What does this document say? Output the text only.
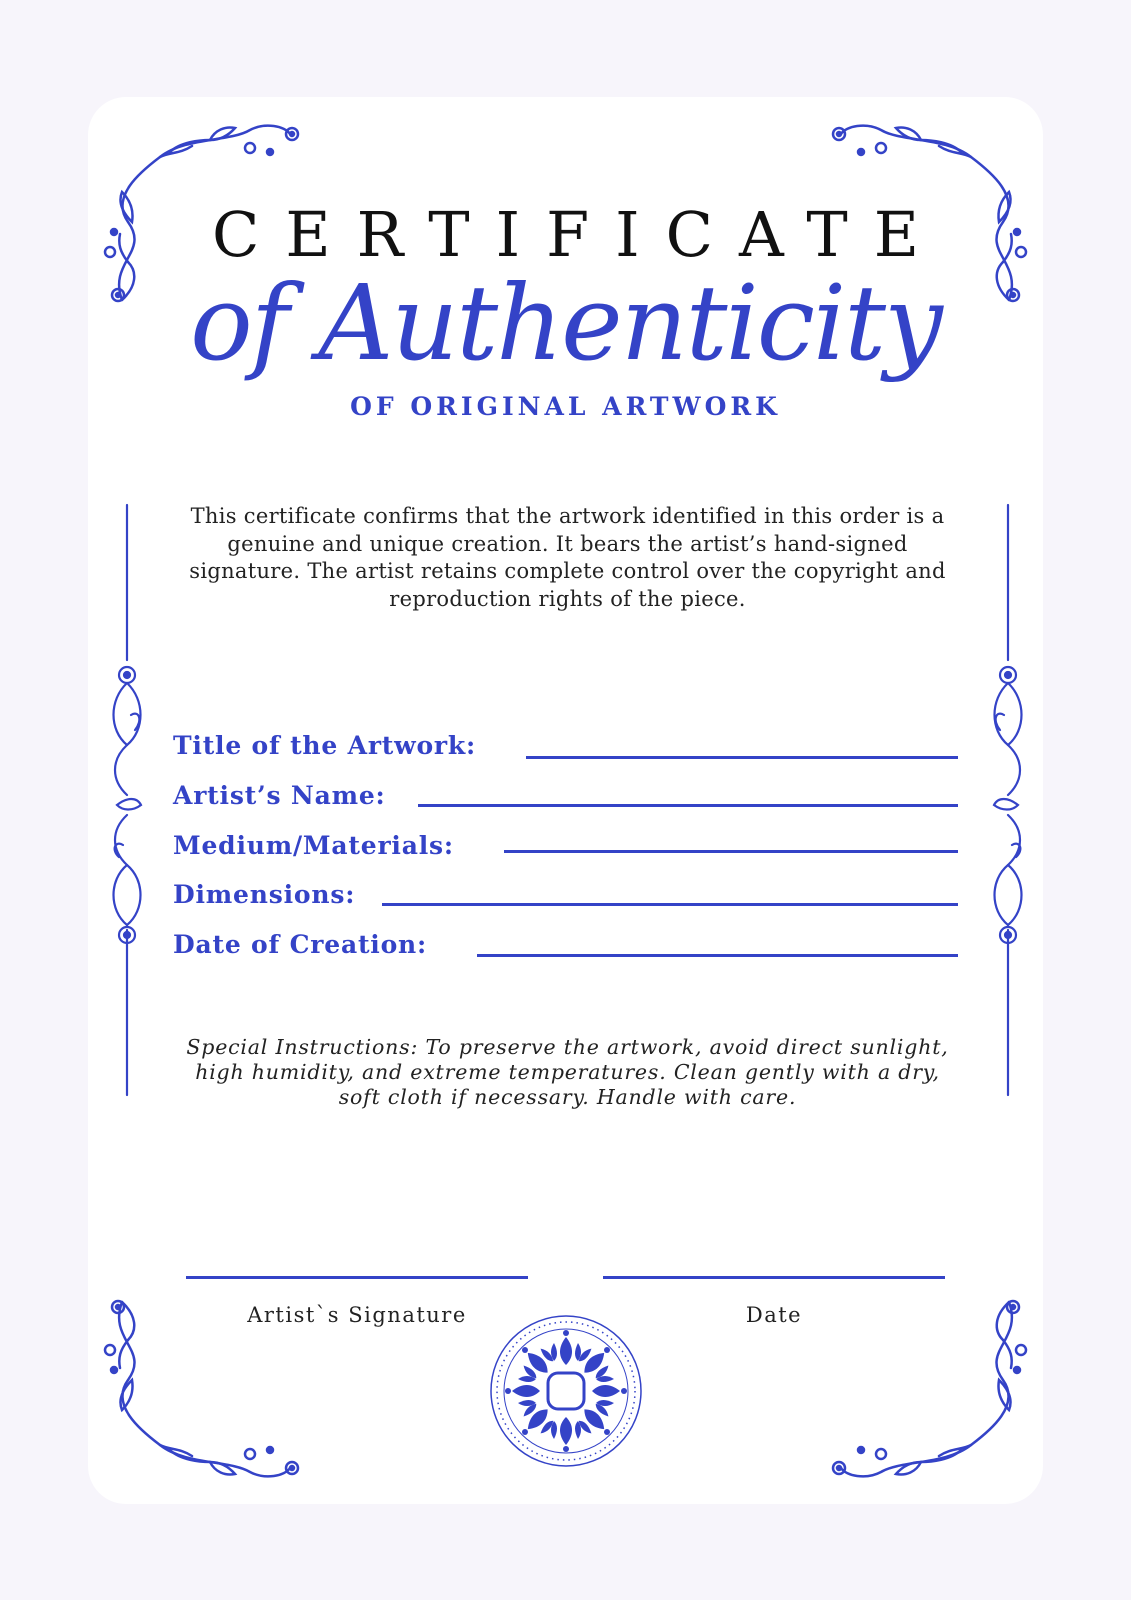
CERTIFICATE
of Authenticity
OF ORIGINAL ARTWORK
This certificate confirms that the artwork identified in this order is a genuine and unique creation. It bears the artist’s hand-signed signature. The artist retains complete control over the copyright and reproduction rights of the piece.
Title of the Artwork:
Artist’s Name:
Medium/Materials:
Dimensions:
Date of Creation:
Special Instructions: To preserve the artwork, avoid direct sunlight, high humidity, and extreme temperatures. Clean gently with a dry, soft cloth if necessary. Handle with care.
Artist`s Signature	Date
